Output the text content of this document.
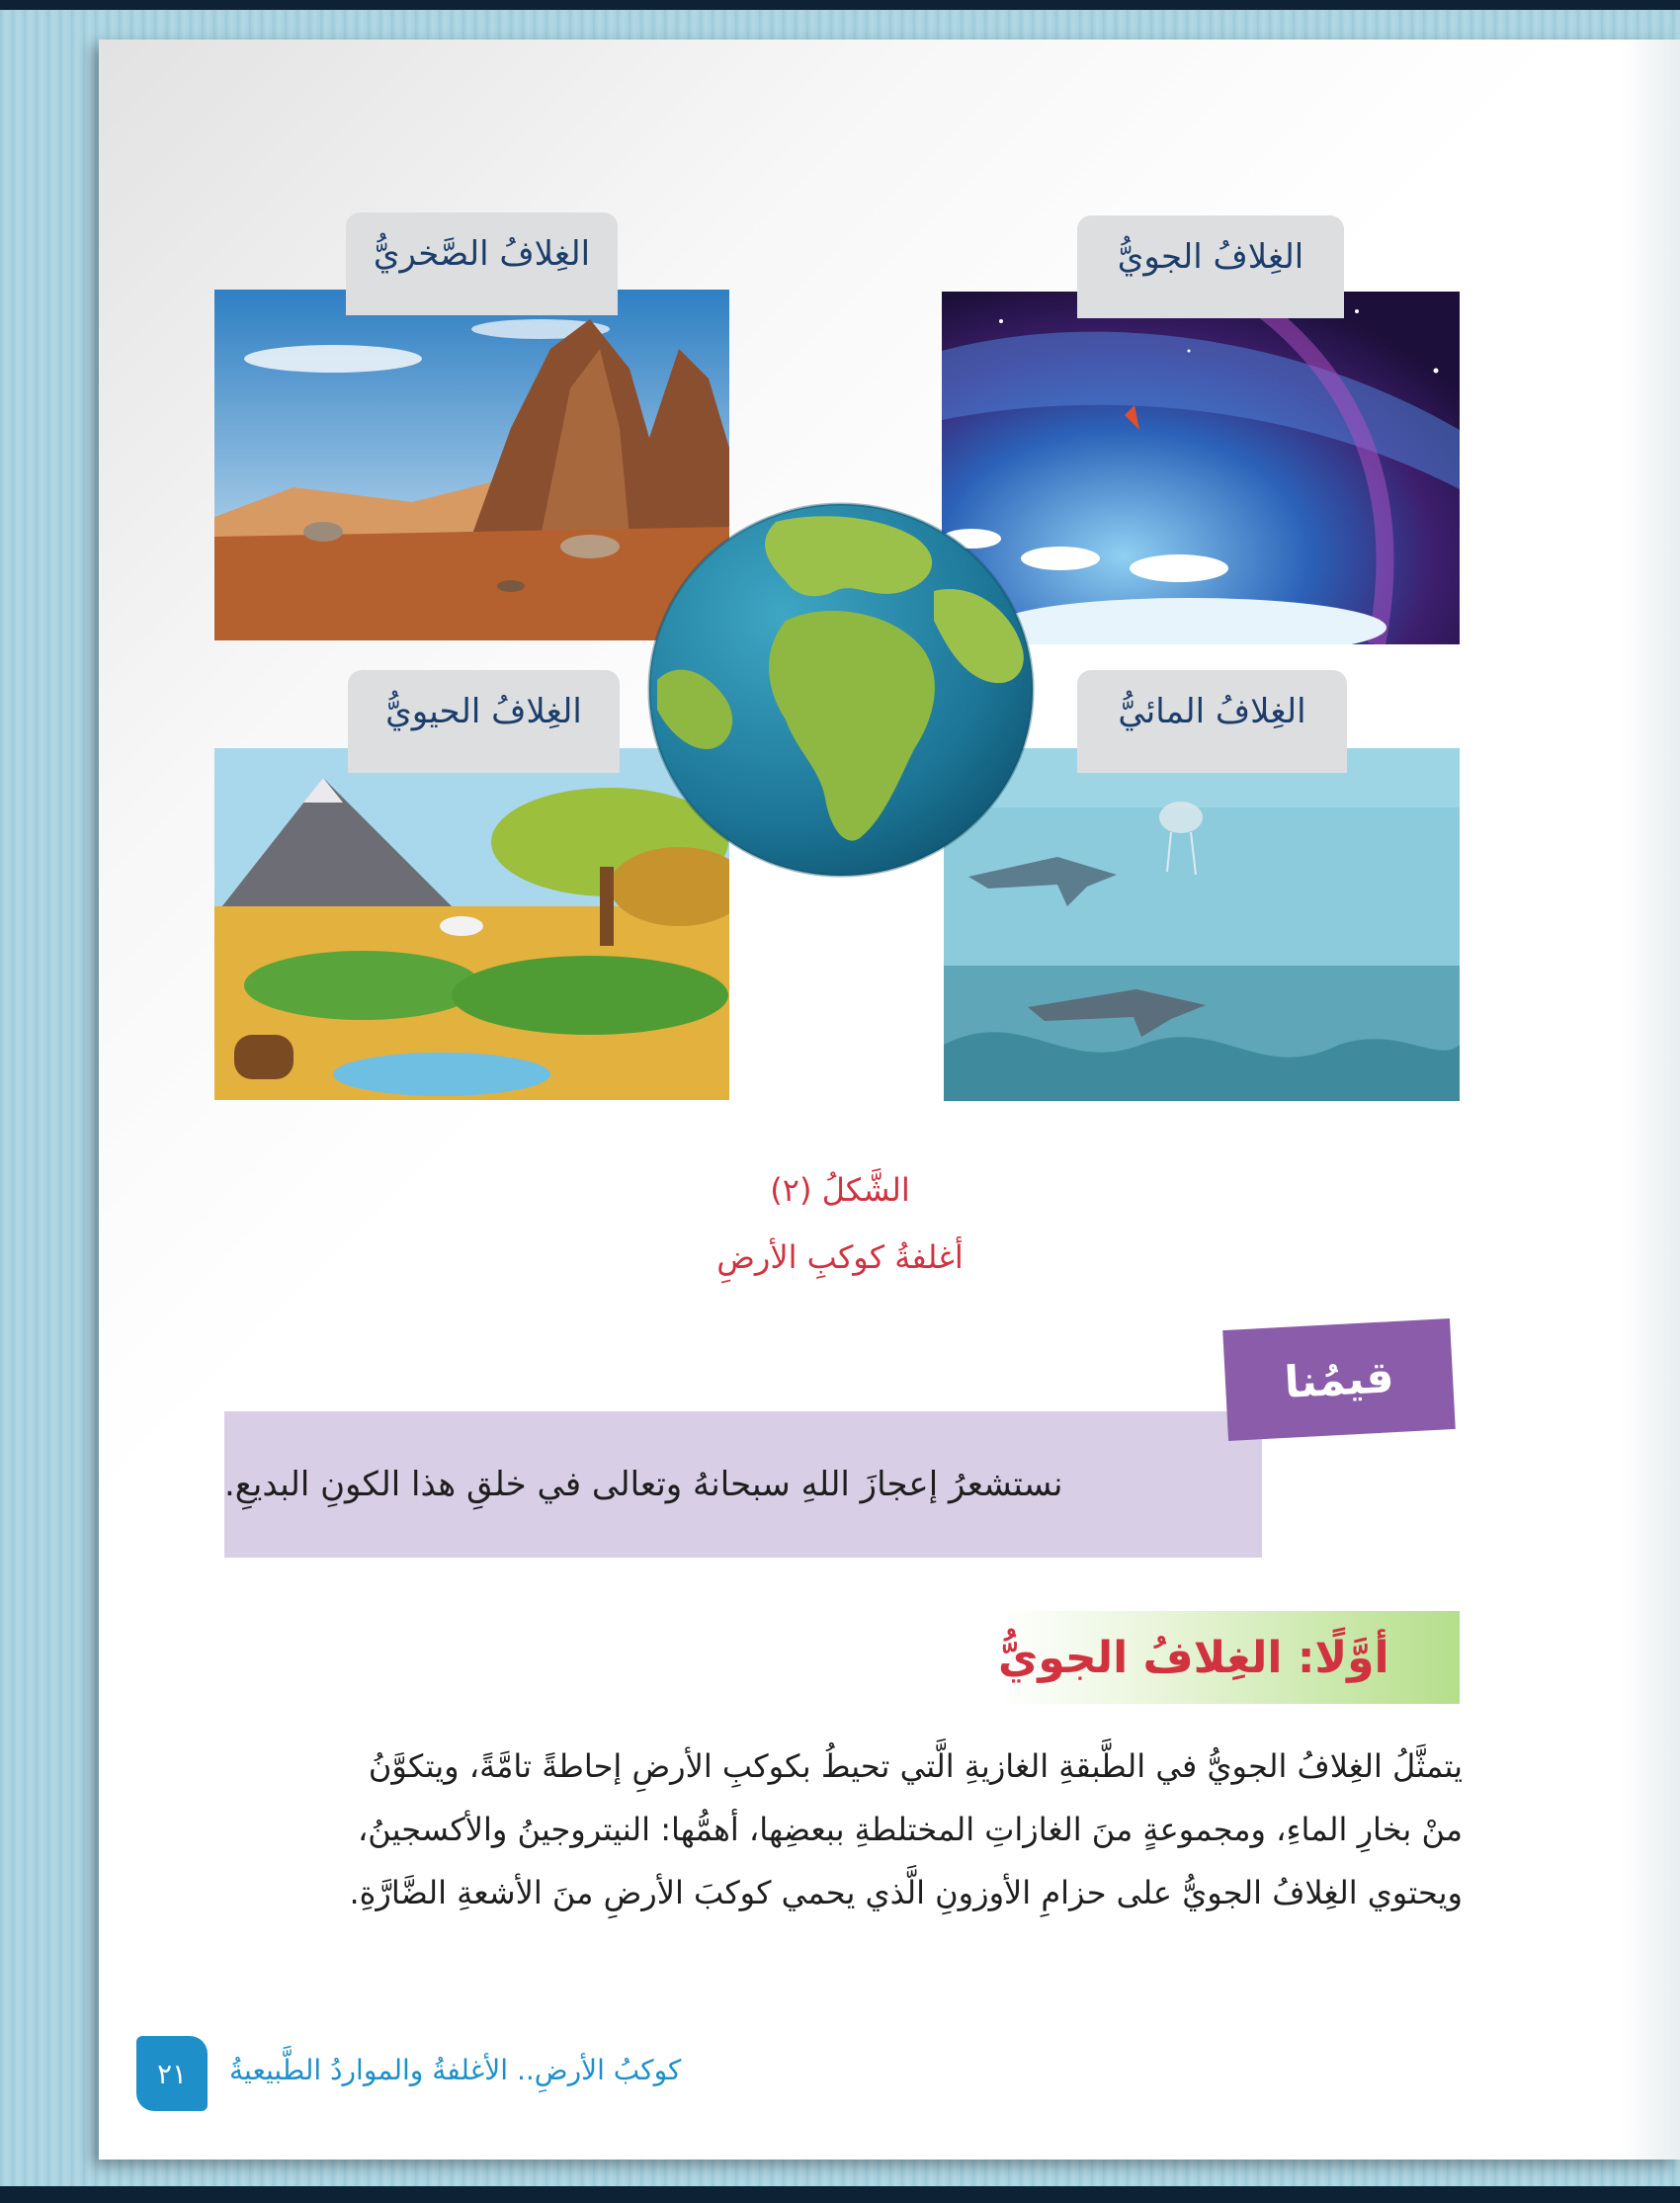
الغِلافُ الصَّخريُّ	الغِلافُ الجويُّ
الغِلافُ الحيويُّ	الغِلافُ المائيُّ
الشَّكلُ (٢)
أغلفةُ كوكبِ الأرضِ
نستشعرُ إعجازَ اللهِ سبحانهُ وتعالى في خلقِ هذا الكونِ البديعِ.
قيمُنا
أوَّلًا: الغِلافُ الجويُّ
يتمثَّلُ الغِلافُ الجويُّ في الطَّبقةِ الغازيةِ الَّتي تحيطُ بكوكبِ الأرضِ إحاطةً تامَّةً، ويتكوَّنُ
منْ بخارِ الماءِ، ومجموعةٍ منَ الغازاتِ المختلطةِ ببعضِها، أهمُّها: النيتروجينُ والأكسجينُ،
ويحتوي الغِلافُ الجويُّ على حزامِ الأوزونِ الَّذي يحمي كوكبَ الأرضِ منَ الأشعةِ الضَّارَّةِ.
٢١ كوكبُ الأرضِ.. الأغلفةُ والمواردُ الطَّبيعيةُ
